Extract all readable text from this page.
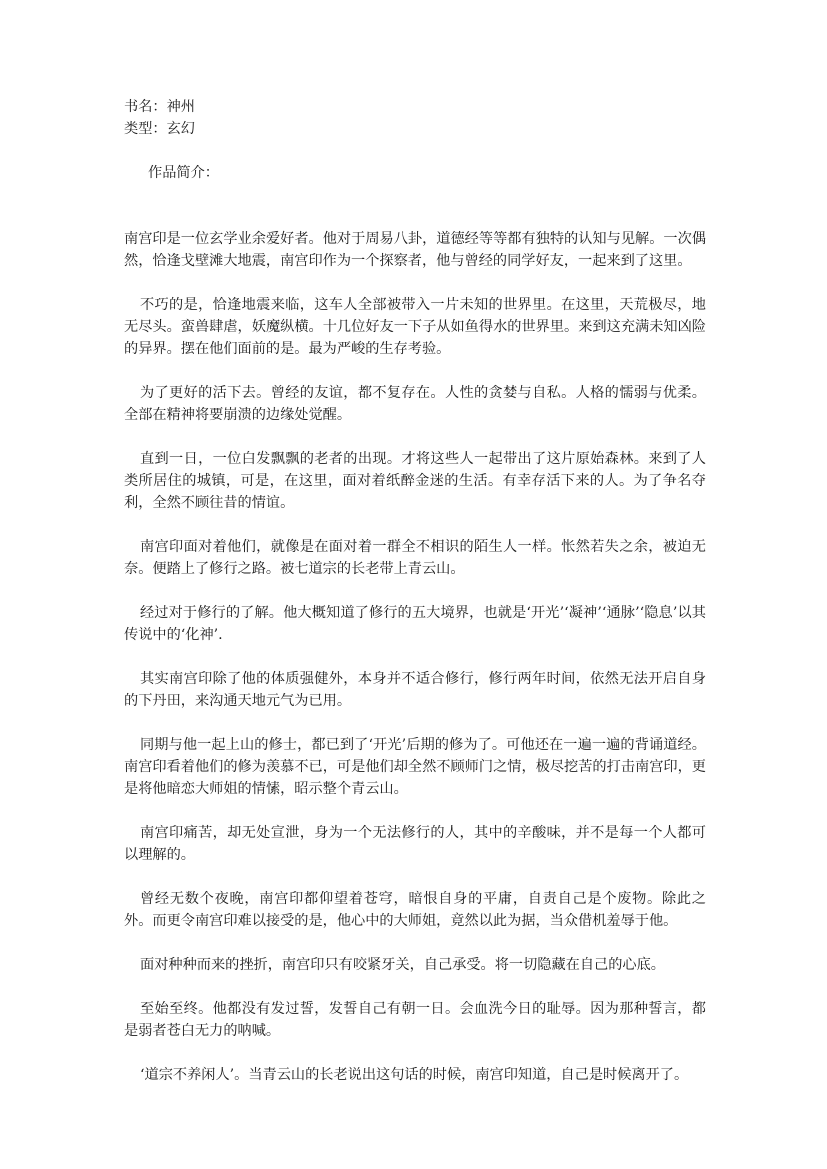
书名：神州

类型：玄幻

作品简介：

南宫印是一位玄学业余爱好者。他对于周易八卦，道德经等等都有独特的认知与见解。一次偶然，恰逢戈壁滩大地震，南宫印作为一个探察者，他与曾经的同学好友，一起来到了这里。

不巧的是，恰逢地震来临，这车人全部被带入一片未知的世界里。在这里，天荒极尽，地无尽头。蛮兽肆虐，妖魔纵横。十几位好友一下子从如鱼得水的世界里。来到这充满未知凶险的异界。摆在他们面前的是。最为严峻的生存考验。

为了更好的活下去。曾经的友谊，都不复存在。人性的贪婪与自私。人格的懦弱与优柔。全部在精神将要崩溃的边缘处觉醒。

直到一日，一位白发飘飘的老者的出现。才将这些人一起带出了这片原始森林。来到了人类所居住的城镇，可是，在这里，面对着纸醉金迷的生活。有幸存活下来的人。为了争名夺利，全然不顾往昔的情谊。

南宫印面对着他们，就像是在面对着一群全不相识的陌生人一样。怅然若失之余，被迫无奈。便踏上了修行之路。被七道宗的长老带上青云山。

经过对于修行的了解。他大概知道了修行的五大境界，也就是‘开光’‘凝神’‘通脉’‘隐息’以其传说中的‘化神’.

其实南宫印除了他的体质强健外，本身并不适合修行，修行两年时间，依然无法开启自身的下丹田，来沟通天地元气为已用。

同期与他一起上山的修士，都已到了‘开光’后期的修为了。可他还在一遍一遍的背诵道经。南宫印看着他们的修为羡慕不已，可是他们却全然不顾师门之情，极尽挖苦的打击南宫印，更是将他暗恋大师姐的情愫，昭示整个青云山。

南宫印痛苦，却无处宣泄，身为一个无法修行的人，其中的辛酸味，并不是每一个人都可以理解的。

曾经无数个夜晚，南宫印都仰望着苍穹，暗恨自身的平庸，自责自己是个废物。除此之外。而更令南宫印难以接受的是，他心中的大师姐，竟然以此为据，当众借机羞辱于他。

面对种种而来的挫折，南宫印只有咬紧牙关，自己承受。将一切隐藏在自己的心底。

至始至终。他都没有发过誓，发誓自己有朝一日。会血洗今日的耻辱。因为那种誓言，都是弱者苍白无力的呐喊。

‘道宗不养闲人’。当青云山的长老说出这句话的时候，南宫印知道，自己是时候离开了。
